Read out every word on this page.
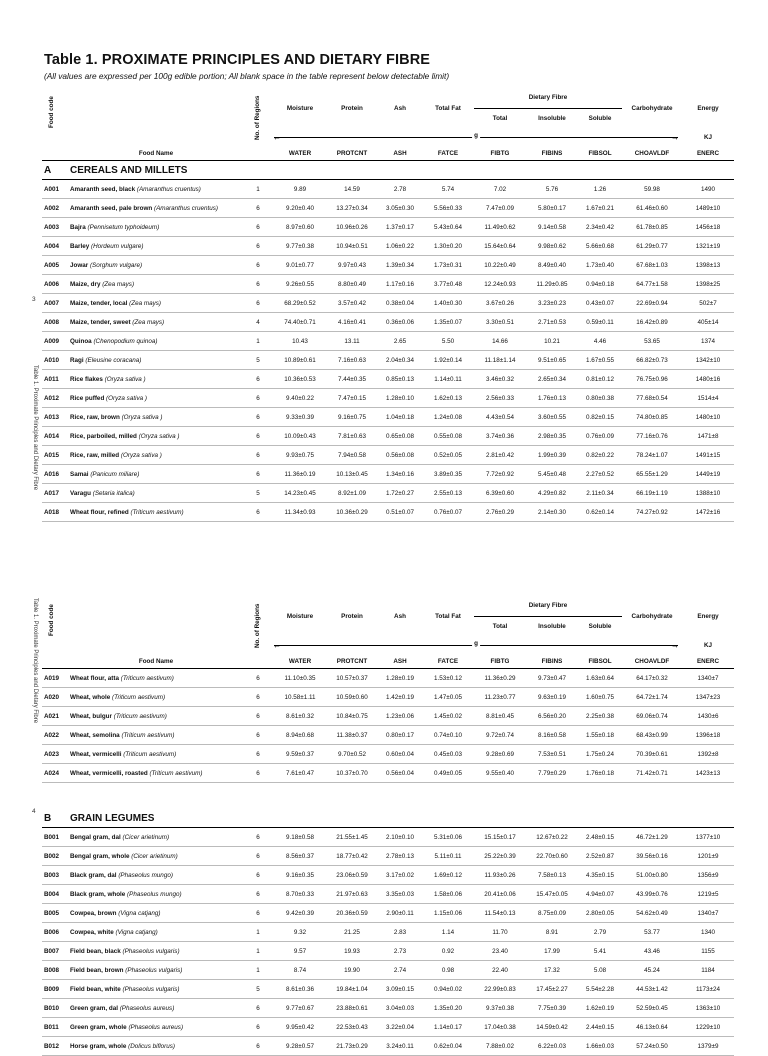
Table 1. PROXIMATE PRINCIPLES AND DIETARY FIBRE
(All values are expressed per 100g edible portion; All blank space in the table represent below detectable limit)
Table 1. Proximate Principles and Dietary Fibre
Table 1. Proximate Principles and Dietary Fibre
3
4
Food code		No. of Regions	Moisture	Protein	Ash	Total Fat	Dietary Fibre			Carbohydrate	Energy
							Total	Insoluble	Soluble		

			← →
g								KJ
	Food Name		WATER	PROTCNT	ASH	FATCE	FIBTG	FIBINS	FIBSOL	CHOAVLDF	ENERC
A	CEREALS AND MILLETS										
A001	Amaranth seed, black (Amaranthus cruentus)	1	9.89	14.59	2.78	5.74	7.02	5.76	1.26	59.98	1490
A002	Amaranth seed, pale brown (Amaranthus cruentus)	6	9.20±0.40	13.27±0.34	3.05±0.30	5.56±0.33	7.47±0.09	5.80±0.17	1.67±0.21	61.46±0.60	1489±10
A003	Bajra (Pennisetum typhoideum)	6	8.97±0.60	10.96±0.26	1.37±0.17	5.43±0.64	11.49±0.62	9.14±0.58	2.34±0.42	61.78±0.85	1456±18
A004	Barley (Hordeum vulgare)	6	9.77±0.38	10.94±0.51	1.06±0.22	1.30±0.20	15.64±0.64	9.98±0.62	5.66±0.68	61.29±0.77	1321±19
A005	Jowar (Sorghum vulgare)	6	9.01±0.77	9.97±0.43	1.39±0.34	1.73±0.31	10.22±0.49	8.49±0.40	1.73±0.40	67.68±1.03	1398±13
A006	Maize, dry (Zea mays)	6	9.26±0.55	8.80±0.49	1.17±0.16	3.77±0.48	12.24±0.93	11.29±0.85	0.94±0.18	64.77±1.58	1398±25
A007	Maize, tender, local (Zea mays)	6	68.29±0.52	3.57±0.42	0.38±0.04	1.40±0.30	3.67±0.26	3.23±0.23	0.43±0.07	22.69±0.94	502±7
A008	Maize, tender, sweet (Zea mays)	4	74.40±0.71	4.16±0.41	0.36±0.06	1.35±0.07	3.30±0.51	2.71±0.53	0.59±0.11	16.42±0.89	405±14
A009	Quinoa (Chenopodium quinoa)	1	10.43	13.11	2.65	5.50	14.66	10.21	4.46	53.65	1374
A010	Ragi (Eleusine coracana)	5	10.89±0.61	7.16±0.63	2.04±0.34	1.92±0.14	11.18±1.14	9.51±0.65	1.67±0.55	66.82±0.73	1342±10
A011	Rice flakes (Oryza sativa )	6	10.36±0.53	7.44±0.35	0.85±0.13	1.14±0.11	3.46±0.32	2.65±0.34	0.81±0.12	76.75±0.96	1480±16
A012	Rice puffed (Oryza sativa )	6	9.40±0.22	7.47±0.15	1.28±0.10	1.62±0.13	2.56±0.33	1.76±0.13	0.80±0.38	77.68±0.54	1514±4
A013	Rice, raw, brown (Oryza sativa )	6	9.33±0.39	9.16±0.75	1.04±0.18	1.24±0.08	4.43±0.54	3.60±0.55	0.82±0.15	74.80±0.85	1480±10
A014	Rice, parboiled, milled (Oryza sativa )	6	10.09±0.43	7.81±0.63	0.65±0.08	0.55±0.08	3.74±0.36	2.98±0.35	0.76±0.09	77.16±0.76	1471±8
A015	Rice, raw, milled (Oryza sativa )	6	9.93±0.75	7.94±0.58	0.56±0.08	0.52±0.05	2.81±0.42	1.99±0.39	0.82±0.22	78.24±1.07	1491±15
A016	Samai (Panicum miliare)	6	11.36±0.19	10.13±0.45	1.34±0.16	3.89±0.35	7.72±0.92	5.45±0.48	2.27±0.52	65.55±1.29	1449±19
A017	Varagu (Setaria italica)	5	14.23±0.45	8.92±1.09	1.72±0.27	2.55±0.13	6.39±0.60	4.29±0.82	2.11±0.34	66.19±1.19	1388±10
A018	Wheat flour, refined (Triticum aestivum)	6	11.34±0.93	10.36±0.29	0.51±0.07	0.76±0.07	2.76±0.29	2.14±0.30	0.62±0.14	74.27±0.92	1472±16
Food code		No. of Regions	Moisture	Protein	Ash	Total Fat	Dietary Fibre			Carbohydrate	Energy
							Total	Insoluble	Soluble		

			← →
g								KJ
	Food Name		WATER	PROTCNT	ASH	FATCE	FIBTG	FIBINS	FIBSOL	CHOAVLDF	ENERC
A019	Wheat flour, atta (Triticum aestivum)	6	11.10±0.35	10.57±0.37	1.28±0.19	1.53±0.12	11.36±0.29	9.73±0.47	1.63±0.64	64.17±0.32	1340±7
A020	Wheat, whole (Triticum aestivum)	6	10.58±1.11	10.59±0.60	1.42±0.19	1.47±0.05	11.23±0.77	9.63±0.19	1.60±0.75	64.72±1.74	1347±23
A021	Wheat, bulgur (Triticum aestivum)	6	8.61±0.32	10.84±0.75	1.23±0.06	1.45±0.02	8.81±0.45	6.56±0.20	2.25±0.38	69.06±0.74	1430±6
A022	Wheat, semolina (Triticum aestivum)	6	8.94±0.68	11.38±0.37	0.80±0.17	0.74±0.10	9.72±0.74	8.16±0.58	1.55±0.18	68.43±0.99	1396±18
A023	Wheat, vermicelli (Triticum aestivum)	6	9.59±0.37	9.70±0.52	0.60±0.04	0.45±0.03	9.28±0.69	7.53±0.51	1.75±0.24	70.39±0.61	1392±8
A024	Wheat, vermicelli, roasted (Triticum aestivum)	6	7.61±0.47	10.37±0.70	0.56±0.04	0.49±0.05	9.55±0.40	7.79±0.29	1.76±0.18	71.42±0.71	1423±13

B	GRAIN LEGUMES										
B001	Bengal gram, dal (Cicer arietinum)	6	9.18±0.58	21.55±1.45	2.10±0.10	5.31±0.06	15.15±0.17	12.67±0.22	2.48±0.15	46.72±1.29	1377±10
B002	Bengal gram, whole (Cicer arietinum)	6	8.56±0.37	18.77±0.42	2.78±0.13	5.11±0.11	25.22±0.39	22.70±0.60	2.52±0.87	39.56±0.16	1201±9
B003	Black gram, dal (Phaseolus mungo)	6	9.16±0.35	23.06±0.59	3.17±0.02	1.69±0.12	11.93±0.26	7.58±0.13	4.35±0.15	51.00±0.80	1356±9
B004	Black gram, whole (Phaseolus mungo)	6	8.70±0.33	21.97±0.63	3.35±0.03	1.58±0.06	20.41±0.06	15.47±0.05	4.94±0.07	43.99±0.76	1219±5
B005	Cowpea, brown (Vigna catjang)	6	9.42±0.39	20.36±0.59	2.90±0.11	1.15±0.06	11.54±0.13	8.75±0.09	2.80±0.05	54.62±0.49	1340±7
B006	Cowpea, white (Vigna catjang)	1	9.32	21.25	2.83	1.14	11.70	8.91	2.79	53.77	1340
B007	Field bean, black (Phaseolus vulgaris)	1	9.57	19.93	2.73	0.92	23.40	17.99	5.41	43.46	1155
B008	Field bean, brown (Phaseolus vulgaris)	1	8.74	19.90	2.74	0.98	22.40	17.32	5.08	45.24	1184
B009	Field bean, white (Phaseolus vulgaris)	5	8.61±0.36	19.84±1.04	3.09±0.15	0.94±0.02	22.99±0.83	17.45±2.27	5.54±2.28	44.53±1.42	1173±24
B010	Green gram, dal (Phaseolus aureus)	6	9.77±0.67	23.88±0.61	3.04±0.03	1.35±0.20	9.37±0.38	7.75±0.39	1.62±0.19	52.59±0.45	1363±10
B011	Green gram, whole (Phaseolus aureus)	6	9.95±0.42	22.53±0.43	3.22±0.04	1.14±0.17	17.04±0.38	14.59±0.42	2.44±0.15	46.13±0.64	1229±10
B012	Horse gram, whole (Dolicus biflorus)	6	9.28±0.57	21.73±0.29	3.24±0.11	0.62±0.04	7.88±0.02	6.22±0.03	1.66±0.03	57.24±0.50	1379±9
